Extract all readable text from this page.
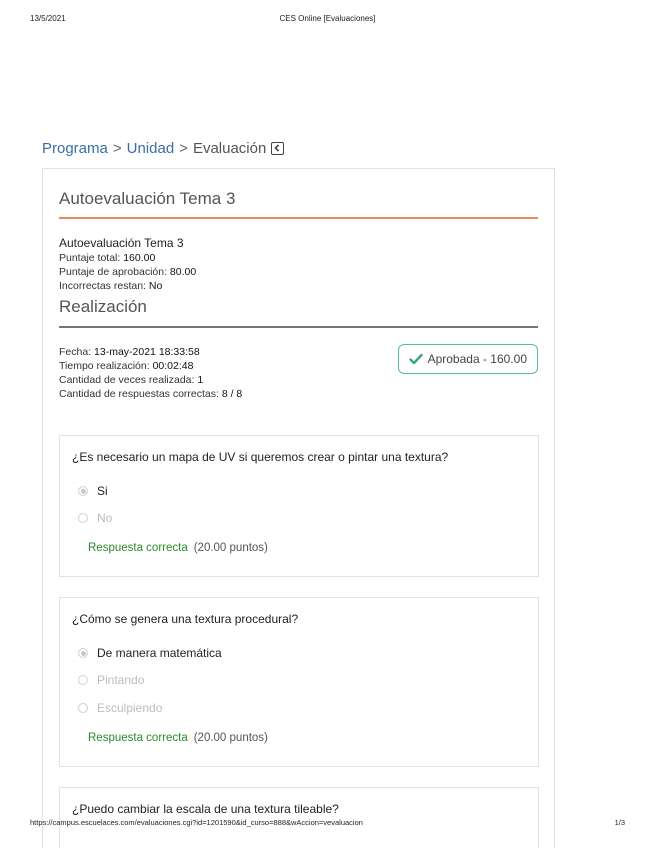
13/5/2021	CES Online [Evaluaciones]
Programa > Unidad > Evaluación
Autoevaluación Tema 3
Autoevaluación Tema 3
Puntaje total: 160.00
Puntaje de aprobación: 80.00
Incorrectas restan: No
Realización
Fecha: 13-may-2021 18:33:58
Tiempo realización: 00:02:48
Cantidad de veces realizada: 1
Cantidad de respuestas correctas: 8 / 8
Aprobada - 160.00
¿Es necesario un mapa de UV si queremos crear o pintar una textura?
Si
No
Respuesta correcta (20.00 puntos)
¿Cómo se genera una textura procedural?
De manera matemática
Pintando
Esculpiendo
Respuesta correcta (20.00 puntos)
¿Puedo cambiar la escala de una textura tileable?
https://campus.escuelaces.com/evaluaciones.cgi?id=1201590&id_curso=888&wAccion=vevaluacion	1/3
